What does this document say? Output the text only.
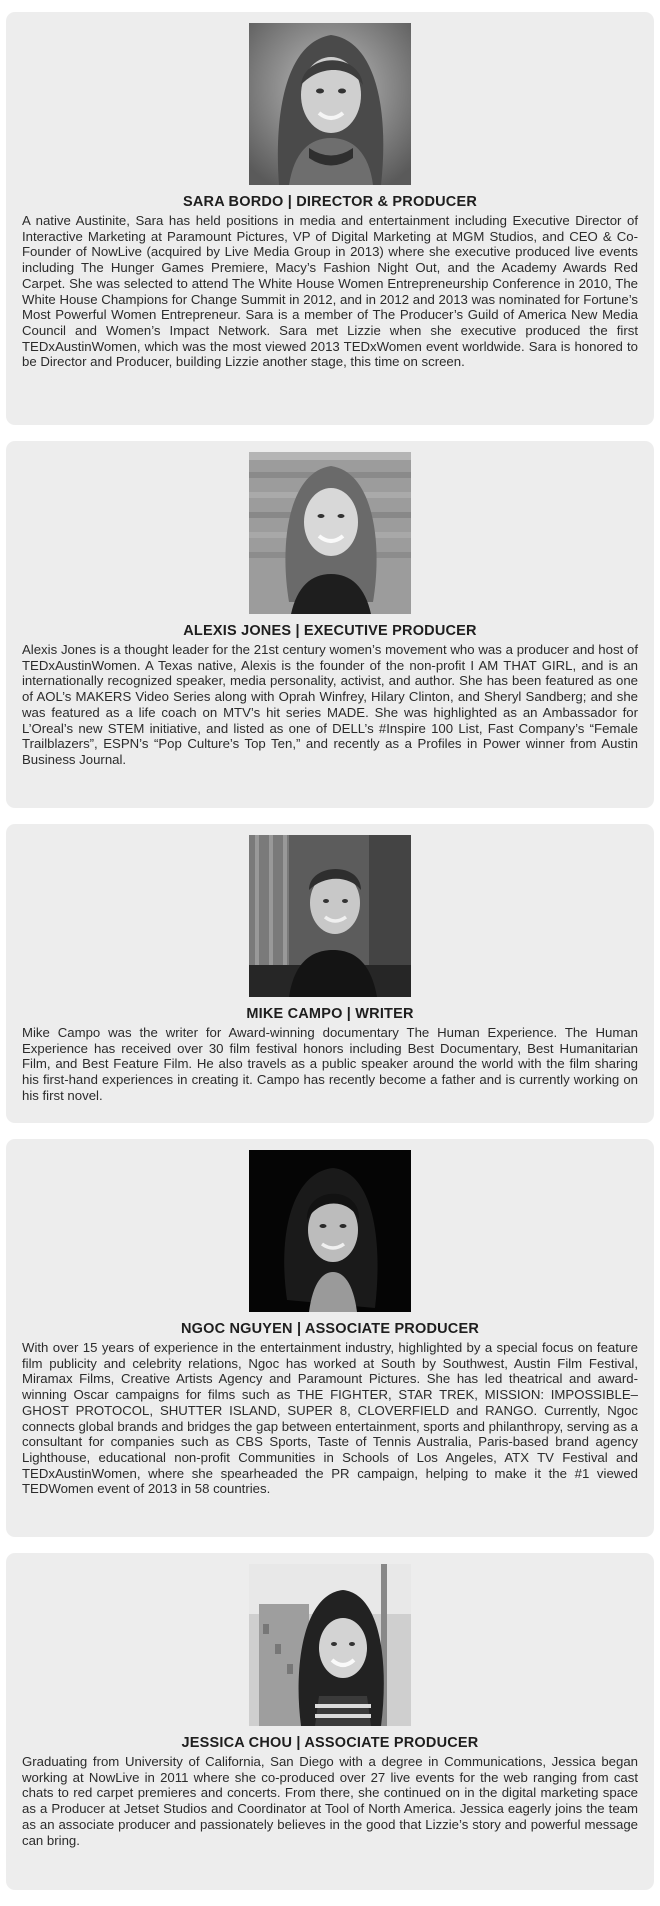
SARA BORDO | DIRECTOR & PRODUCER

A native Austinite, Sara has held positions in media and entertainment including Executive Director of Interactive Marketing at Paramount Pictures, VP of Digital Marketing at MGM Studios, and CEO & Co-Founder of NowLive (acquired by Live Media Group in 2013) where she executive produced live events including The Hunger Games Premiere, Macy’s Fashion Night Out, and the Academy Awards Red Carpet. She was selected to attend The White House Women Entrepreneurship Conference in 2010, The White House Champions for Change Summit in 2012, and in 2012 and 2013 was nominated for Fortune’s Most Powerful Women Entrepreneur. Sara is a member of The Producer’s Guild of America New Media Council and Women’s Impact Network. Sara met Lizzie when she executive produced the first TEDxAustinWomen, which was the most viewed 2013 TEDxWomen event worldwide. Sara is honored to be Director and Producer, building Lizzie another stage, this time on screen.

ALEXIS JONES | EXECUTIVE PRODUCER

Alexis Jones is a thought leader for the 21st century women’s movement who was a producer and host of TEDxAustinWomen. A Texas native, Alexis is the founder of the non-profit I AM THAT GIRL, and is an internationally recognized speaker, media personality, activist, and author. She has been featured as one of AOL’s MAKERS Video Series along with Oprah Winfrey, Hilary Clinton, and Sheryl Sandberg; and she was featured as a life coach on MTV’s hit series MADE. She was highlighted as an Ambassador for L’Oreal’s new STEM initiative, and listed as one of DELL’s #Inspire 100 List, Fast Company’s “Female Trailblazers”, ESPN’s “Pop Culture’s Top Ten,” and recently as a Profiles in Power winner from Austin Business Journal.

MIKE CAMPO | WRITER

Mike Campo was the writer for Award-winning documentary The Human Experience. The Human Experience has received over 30 film festival honors including Best Documentary, Best Humanitarian Film, and Best Feature Film. He also travels as a public speaker around the world with the film sharing his first-hand experiences in creating it. Campo has recently become a father and is currently working on his first novel.

NGOC NGUYEN | ASSOCIATE PRODUCER

With over 15 years of experience in the entertainment industry, highlighted by a special focus on feature film publicity and celebrity relations, Ngoc has worked at South by Southwest, Austin Film Festival, Miramax Films, Creative Artists Agency and Paramount Pictures. She has led theatrical and award-winning Oscar campaigns for films such as THE FIGHTER, STAR TREK, MISSION: IMPOSSIBLE–GHOST PROTOCOL, SHUTTER ISLAND, SUPER 8, CLOVERFIELD and RANGO. Currently, Ngoc connects global brands and bridges the gap between entertainment, sports and philanthropy, serving as a consultant for companies such as CBS Sports, Taste of Tennis Australia, Paris-based brand agency Lighthouse, educational non-profit Communities in Schools of Los Angeles, ATX TV Festival and TEDxAustinWomen, where she spearheaded the PR campaign, helping to make it the #1 viewed TEDWomen event of 2013 in 58 countries.

JESSICA CHOU | ASSOCIATE PRODUCER

Graduating from University of California, San Diego with a degree in Communications, Jessica began working at NowLive in 2011 where she co-produced over 27 live events for the web ranging from cast chats to red carpet premieres and concerts. From there, she continued on in the digital marketing space as a Producer at Jetset Studios and Coordinator at Tool of North America. Jessica eagerly joins the team as an associate producer and passionately believes in the good that Lizzie’s story and powerful message can bring.
